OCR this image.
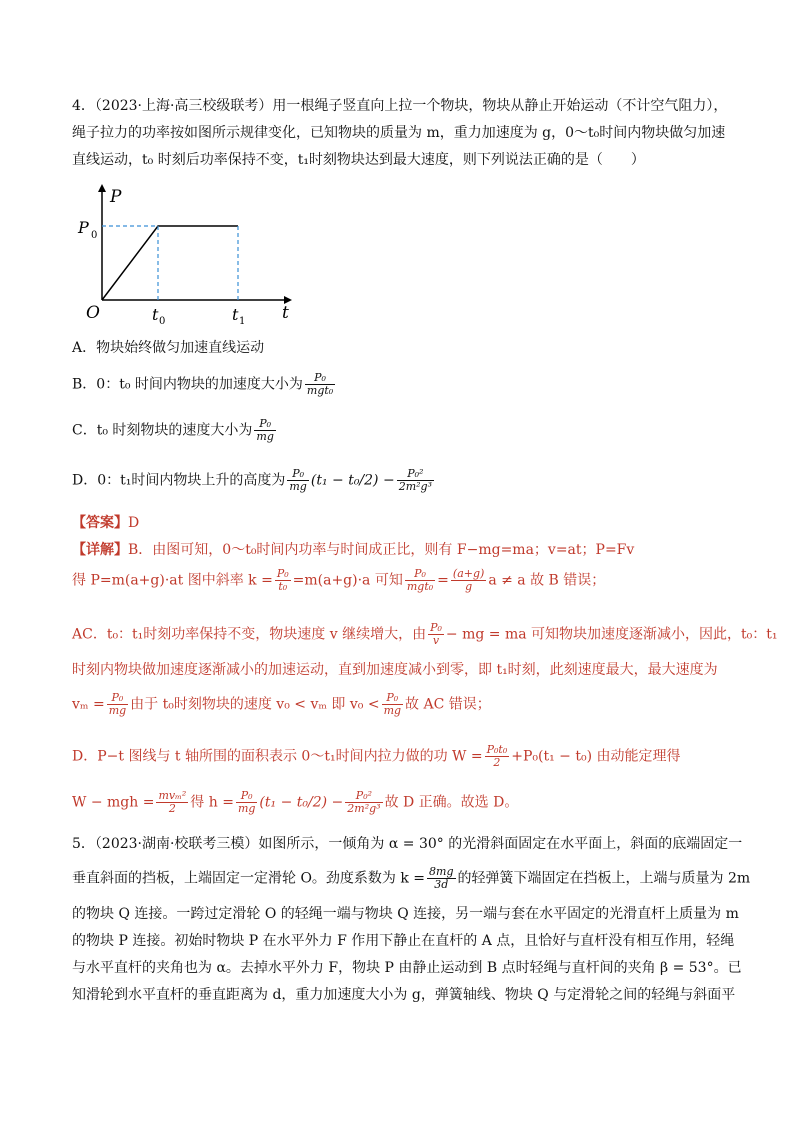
4．（2023·上海·高三校级联考）用一根绳子竖直向上拉一个物块，物块从静止开始运动（不计空气阻力），
绳子拉力的功率按如图所示规律变化，已知物块的质量为 m，重力加速度为 g，0～t₀时间内物块做匀加速
直线运动，t₀ 时刻后功率保持不变，t₁时刻物块达到最大速度，则下列说法正确的是（　　）
P
P 0
O	t
t 0	t 1
A．物块始终做匀加速直线运动
B．0：t₀ 时间内物块的加速度大小为 $\frac{\text{P₀}}{\text{mgt₀}}$
C．t₀ 时刻物块的速度大小为 $\frac{\text{P₀}}{mg}$
D．0：t₁时间内物块上升的高度为 $\frac{\text{P₀}}{mg} (t_1 - t_0/2) - \frac{\text{P₀²}}{\text{2m²g³}}$
【答案】D
【详解】B．由图可知，0～t₀时间内功率与时间成正比，则有 F−mg=ma；v=at；P=Fv
得 P=m(a+g)·at 图中斜率 $k = \frac{\text{P₀}}{\text{t₀}} =m(a+g)\cdot a$ 可知 $\frac{\text{P₀}}{\text{mgt₀}} = \frac{(a+g)}{g}$ a ≠ a 故 B 错误；
AC．t₀：t₁时刻功率保持不变，物块速度 v 继续增大，由 $\frac{\text{P₀}}{v}$ − mg = ma 可知物块加速度逐渐减小，因此，t₀：t₁
时刻内物块做加速度逐渐减小的加速运动，直到加速度减小到零，即 t₁时刻，此刻速度最大，最大速度为
$v_m = \frac{\text{P₀}}{mg}$ 由于 t₀时刻物块的速度 v₀ < vₘ 即 $v_0 < \frac{\text{P₀}}{mg}$ 故 AC 错误；
D．P−t 图线与 t 轴所围的面积表示 0～t₁时间内拉力做的功 $W = \frac{\text{P₀t₀}}{2} +P_0(t_1 - t_0)$ 由动能定理得
W − mgh = $\frac{\text{mvₘ²}}{2}$ 得 $h = \frac{\text{P₀}}{mg} (t_1 - t_0/2) - \frac{\text{P₀²}}{\text{2m²g³}}$ 故 D 正确。故选 D。
5．（2023·湖南·校联考三模）如图所示，一倾角为 α = 30° 的光滑斜面固定在水平面上，斜面的底端固定一
垂直斜面的挡板，上端固定一定滑轮 O。劲度系数为 $k = \frac{8mg}{3d}$ 的轻弹簧下端固定在挡板上，上端与质量为 2m
的物块 Q 连接。一跨过定滑轮 O 的轻绳一端与物块 Q 连接，另一端与套在水平固定的光滑直杆上质量为 m
的物块 P 连接。初始时物块 P 在水平外力 F 作用下静止在直杆的 A 点，且恰好与直杆没有相互作用，轻绳
与水平直杆的夹角也为 α。去掉水平外力 F，物块 P 由静止运动到 B 点时轻绳与直杆间的夹角 β = 53°。已
知滑轮到水平直杆的垂直距离为 d，重力加速度大小为 g，弹簧轴线、物块 Q 与定滑轮之间的轻绳与斜面平
